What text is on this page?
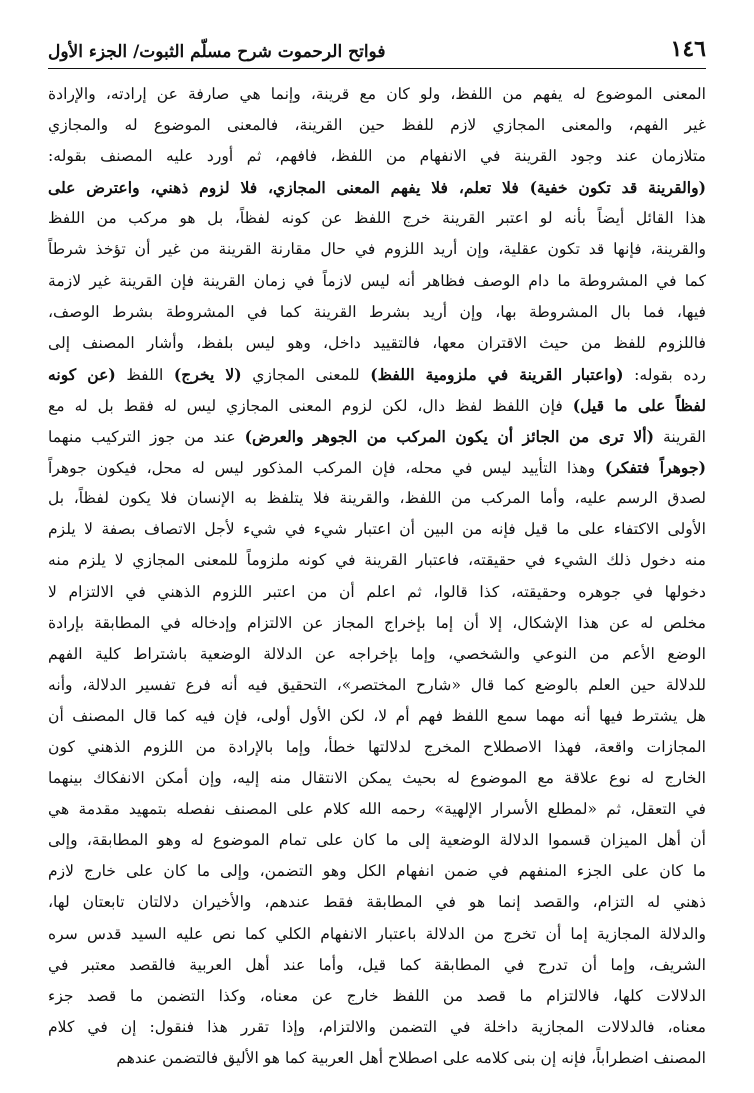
١٤٦
فواتح الرحموت شرح مسلّم الثبوت/ الجزء الأول
المعنى الموضوع له يفهم من اللفظ، ولو كان مع قرينة، وإنما هي صارفة عن إرادته، والإرادة
غير الفهم، والمعنى المجازي لازم للفظ حين القرينة، فالمعنى الموضوع له والمجازي
متلازمان عند وجود القرينة في الانفهام من اللفظ، فافهم، ثم أورد عليه المصنف بقوله:
(والقرينة قد تكون خفية) فلا تعلم، فلا يفهم المعنى المجازي، فلا لزوم ذهني، واعترض على
هذا القائل أيضاً بأنه لو اعتبر القرينة خرج اللفظ عن كونه لفظاً، بل هو مركب من اللفظ
والقرينة، فإنها قد تكون عقلية، وإن أريد اللزوم في حال مقارنة القرينة من غير أن تؤخذ شرطاً
كما في المشروطة ما دام الوصف فظاهر أنه ليس لازماً في زمان القرينة فإن القرينة غير لازمة
فيها، فما بال المشروطة بها، وإن أريد بشرط القرينة كما في المشروطة بشرط الوصف،
فاللزوم للفظ من حيث الاقتران معها، فالتقييد داخل، وهو ليس بلفظ، وأشار المصنف إلى
رده بقوله: (واعتبار القرينة في ملزومية اللفظ) للمعنى المجازي (لا يخرج) اللفظ (عن كونه
لفظاً على ما قيل) فإن اللفظ لفظ دال، لكن لزوم المعنى المجازي ليس له فقط بل له مع
القرينة (ألا ترى من الجائز أن يكون المركب من الجوهر والعرض) عند من جوز التركيب منهما
(جوهراً فتفكر) وهذا التأييد ليس في محله، فإن المركب المذكور ليس له محل، فيكون جوهراً
لصدق الرسم عليه، وأما المركب من اللفظ، والقرينة فلا يتلفظ به الإنسان فلا يكون لفظاً، بل
الأولى الاكتفاء على ما قيل فإنه من البين أن اعتبار شيء في شيء لأجل الاتصاف بصفة لا يلزم
منه دخول ذلك الشيء في حقيقته، فاعتبار القرينة في كونه ملزوماً للمعنى المجازي لا يلزم منه
دخولها في جوهره وحقيقته، كذا قالوا، ثم اعلم أن من اعتبر اللزوم الذهني في الالتزام لا
مخلص له عن هذا الإشكال، إلا أن إما بإخراج المجاز عن الالتزام وإدخاله في المطابقة بإرادة
الوضع الأعم من النوعي والشخصي، وإما بإخراجه عن الدلالة الوضعية باشتراط كلية الفهم
للدلالة حين العلم بالوضع كما قال «شارح المختصر»، التحقيق فيه أنه فرع تفسير الدلالة، وأنه
هل يشترط فيها أنه مهما سمع اللفظ فهم أم لا، لكن الأول أولى، فإن فيه كما قال المصنف أن
المجازات واقعة، فهذا الاصطلاح المخرج لدلالتها خطأ، وإما بالإرادة من اللزوم الذهني كون
الخارج له نوع علاقة مع الموضوع له بحيث يمكن الانتقال منه إليه، وإن أمكن الانفكاك بينهما
في التعقل، ثم «لمطلع الأسرار الإلهية» رحمه الله كلام على المصنف نفصله بتمهيد مقدمة هي
أن أهل الميزان قسموا الدلالة الوضعية إلى ما كان على تمام الموضوع له وهو المطابقة، وإلى
ما كان على الجزء المنفهم في ضمن انفهام الكل وهو التضمن، وإلى ما كان على خارج لازم
ذهني له التزام، والقصد إنما هو في المطابقة فقط عندهم، والأخيران دلالتان تابعتان لها،
والدلالة المجازية إما أن تخرج من الدلالة باعتبار الانفهام الكلي كما نص عليه السيد قدس سره
الشريف، وإما أن تدرج في المطابقة كما قيل، وأما عند أهل العربية فالقصد معتبر في
الدلالات كلها، فالالتزام ما قصد من اللفظ خارج عن معناه، وكذا التضمن ما قصد جزء
معناه، فالدلالات المجازية داخلة في التضمن والالتزام، وإذا تقرر هذا فنقول: إن في كلام
المصنف اضطراباً، فإنه إن بنى كلامه على اصطلاح أهل العربية كما هو الأليق فالتضمن عندهم
